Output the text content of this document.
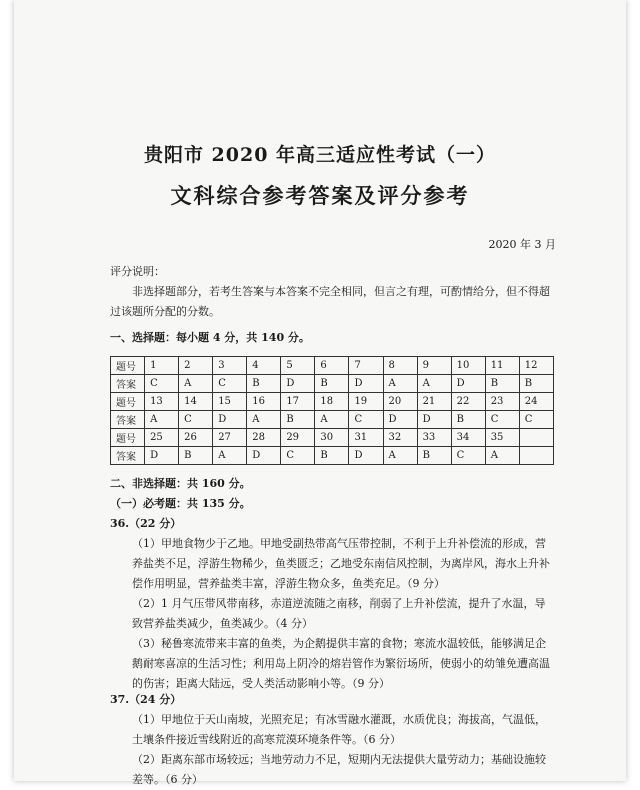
贵阳市 2020 年高三适应性考试（一）
文科综合参考答案及评分参考
2020 年 3 月

评分说明：

非选择题部分，若考生答案与本答案不完全相同，但言之有理，可酌情给分，但不得超过该题所分配的分数。

一、选择题：每小题 4 分，共 140 分。
题号	1	2	3	4	5	6	7	8	9	10	11	12
答案	C	A	C	B	D	B	D	A	A	D	B	B
题号	13	14	15	16	17	18	19	20	21	22	23	24
答案	A	C	D	A	B	A	C	D	D	B	C	C
题号	25	26	27	28	29	30	31	32	33	34	35	
答案	D	B	A	D	C	B	D	A	B	C	A	

二、非选择题：共 160 分。

（一）必考题：共 135 分。

36.（22 分）

（1）甲地食物少于乙地。甲地受副热带高气压带控制，不利于上升补偿流的形成，营养盐类不足，浮游生物稀少，鱼类匮乏；乙地受东南信风控制，为离岸风，海水上升补偿作用明显，营养盐类丰富，浮游生物众多，鱼类充足。（9 分）

（2）1 月气压带风带南移，赤道逆流随之南移，削弱了上升补偿流，提升了水温，导致营养盐类减少，鱼类减少。（4 分）

（3）秘鲁寒流带来丰富的鱼类，为企鹅提供丰富的食物；寒流水温较低，能够满足企鹅耐寒喜凉的生活习性；利用岛上阴冷的熔岩管作为繁衍场所，使弱小的幼雏免遭高温的伤害；距离大陆远，受人类活动影响小等。（9 分）

37.（24 分）

（1）甲地位于天山南坡，光照充足；有冰雪融水灌溉，水质优良；海拔高，气温低，土壤条件接近雪线附近的高寒荒漠环境条件等。（6 分）

（2）距离东部市场较远；当地劳动力不足，短期内无法提供大量劳动力；基础设施较差等。（6 分）
